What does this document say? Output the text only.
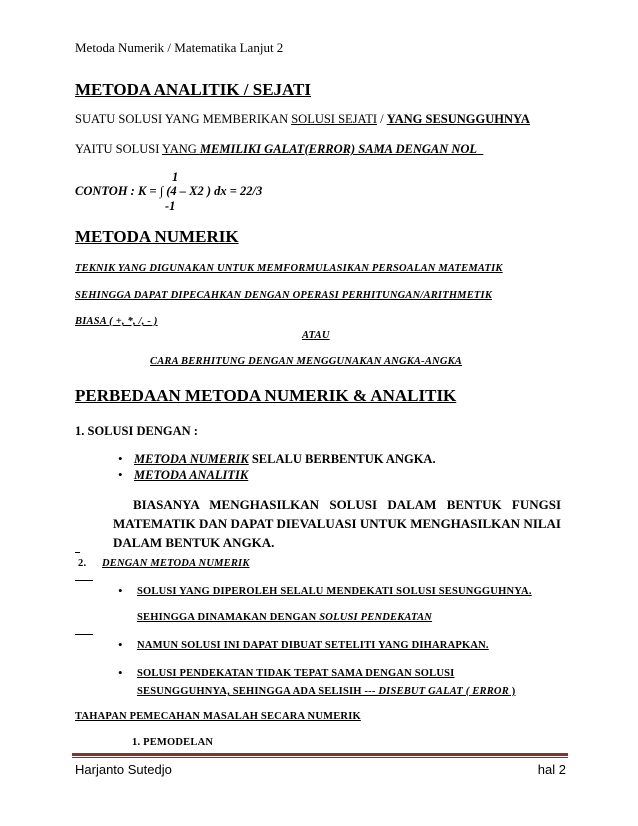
Metoda Numerik / Matematika Lanjut 2
METODA ANALITIK / SEJATI
SUATU SOLUSI YANG MEMBERIKAN SOLUSI SEJATI / YANG SESUNGGUHNYA
YAITU SOLUSI YANG MEMILIKI GALAT(ERROR) SAMA DENGAN NOL
1
CONTOH : K = ∫ (4 – X2 ) dx = 22/3
-1
METODA NUMERIK
TEKNIK YANG DIGUNAKAN UNTUK MEMFORMULASIKAN PERSOALAN MATEMATIK
SEHINGGA DAPAT DIPECAHKAN DENGAN OPERASI PERHITUNGAN/ARITHMETIK
BIASA ( +, *, /, - )
ATAU
CARA BERHITUNG DENGAN MENGGUNAKAN ANGKA-ANGKA
PERBEDAAN METODA NUMERIK & ANALITIK
1. SOLUSI DENGAN :
• METODA NUMERIK SELALU BERBENTUK ANGKA.
• METODA ANALITIK
BIASANYA MENGHASILKAN SOLUSI DALAM BENTUK FUNGSI MATEMATIK DAN DAPAT DIEVALUASI UNTUK MENGHASILKAN NILAI DALAM BENTUK ANGKA.
2. DENGAN METODA NUMERIK
• SOLUSI YANG DIPEROLEH SELALU MENDEKATI SOLUSI SESUNGGUHNYA.
SEHINGGA DINAMAKAN DENGAN SOLUSI PENDEKATAN
• NAMUN SOLUSI INI DAPAT DIBUAT SETELITI YANG DIHARAPKAN.
• SOLUSI PENDEKATAN TIDAK TEPAT SAMA DENGAN SOLUSI
SESUNGGUHNYA, SEHINGGA ADA SELISIH --- DISEBUT GALAT ( ERROR )
TAHAPAN PEMECAHAN MASALAH SECARA NUMERIK
1. PEMODELAN
Harjanto Sutedjo	hal 2
